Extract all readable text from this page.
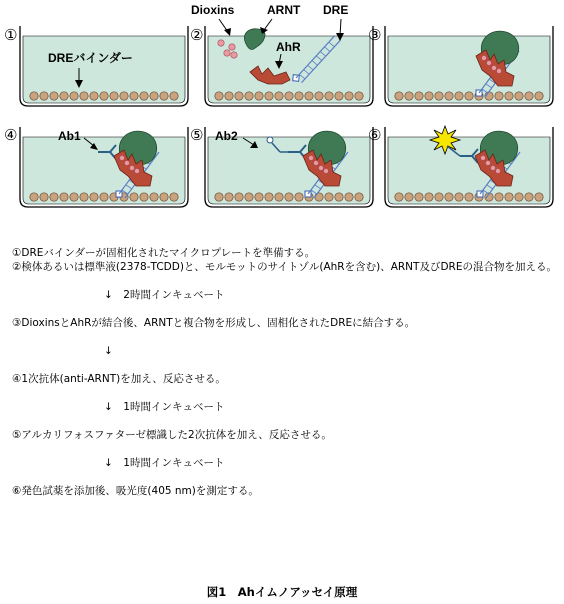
①
DREバインダー
②
Dioxins	ARNT DRE
AhR
③
④	Ab1	⑤ Ab2	⑥

①DREバインダーが固相化されたマイクロプレートを準備する。

②検体あるいは標準液(2378-TCDD)と、モルモットのサイトゾル(AhRを含む)、ARNT及びDREの混合物を加える。

↓　2時間インキュベート

③DioxinsとAhRが結合後、ARNTと複合物を形成し、固相化されたDREに結合する。

↓

④1次抗体(anti-ARNT)を加え、反応させる。

↓　1時間インキュベート

⑤アルカリフォスファターゼ標識した2次抗体を加え、反応させる。

↓　1時間インキュベート

⑥発色試薬を添加後、吸光度(405 nm)を測定する。

図1　Ahイムノアッセイ原理
